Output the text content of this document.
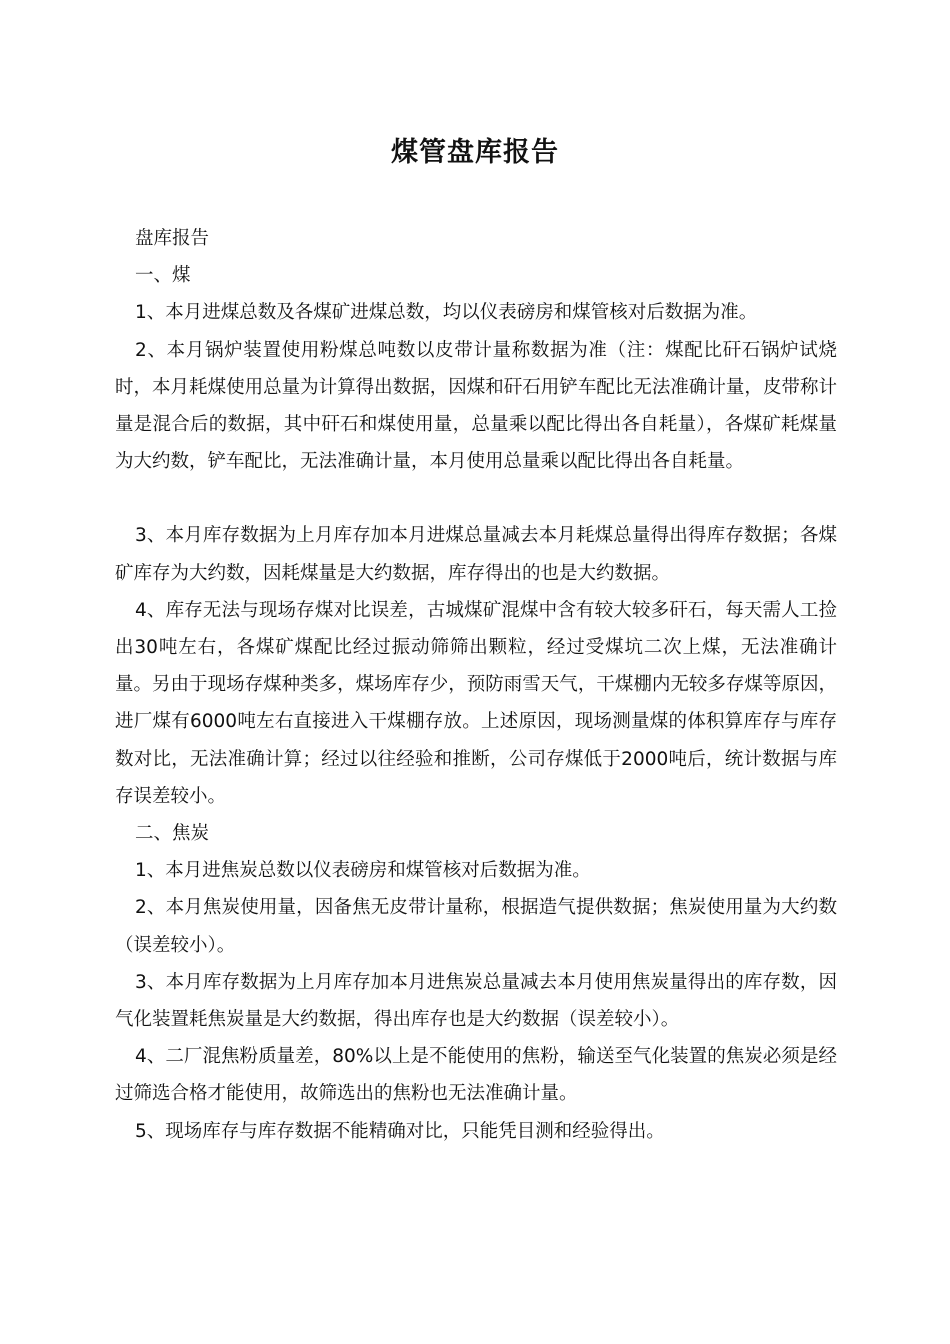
煤管盘库报告

盘库报告

一、煤

1、本月进煤总数及各煤矿进煤总数，均以仪表磅房和煤管核对后数据为准。

2、本月锅炉装置使用粉煤总吨数以皮带计量称数据为准（注：煤配比矸石锅炉试烧时，本月耗煤使用总量为计算得出数据，因煤和矸石用铲车配比无法准确计量，皮带称计量是混合后的数据，其中矸石和煤使用量，总量乘以配比得出各自耗量），各煤矿耗煤量为大约数，铲车配比，无法准确计量，本月使用总量乘以配比得出各自耗量。

3、本月库存数据为上月库存加本月进煤总量减去本月耗煤总量得出得库存数据；各煤矿库存为大约数，因耗煤量是大约数据，库存得出的也是大约数据。

4、库存无法与现场存煤对比误差，古城煤矿混煤中含有较大较多矸石，每天需人工捡出30吨左右，各煤矿煤配比经过振动筛筛出颗粒，经过受煤坑二次上煤，无法准确计量。另由于现场存煤种类多，煤场库存少，预防雨雪天气，干煤棚内无较多存煤等原因，进厂煤有6000吨左右直接进入干煤棚存放。上述原因，现场测量煤的体积算库存与库存数对比，无法准确计算；经过以往经验和推断，公司存煤低于2000吨后，统计数据与库存误差较小。

二、焦炭

1、本月进焦炭总数以仪表磅房和煤管核对后数据为准。

2、本月焦炭使用量，因备焦无皮带计量称，根据造气提供数据；焦炭使用量为大约数（误差较小）。

3、本月库存数据为上月库存加本月进焦炭总量减去本月使用焦炭量得出的库存数，因气化装置耗焦炭量是大约数据，得出库存也是大约数据（误差较小）。

4、二厂混焦粉质量差，80%以上是不能使用的焦粉，输送至气化装置的焦炭必须是经过筛选合格才能使用，故筛选出的焦粉也无法准确计量。

5、现场库存与库存数据不能精确对比，只能凭目测和经验得出。
